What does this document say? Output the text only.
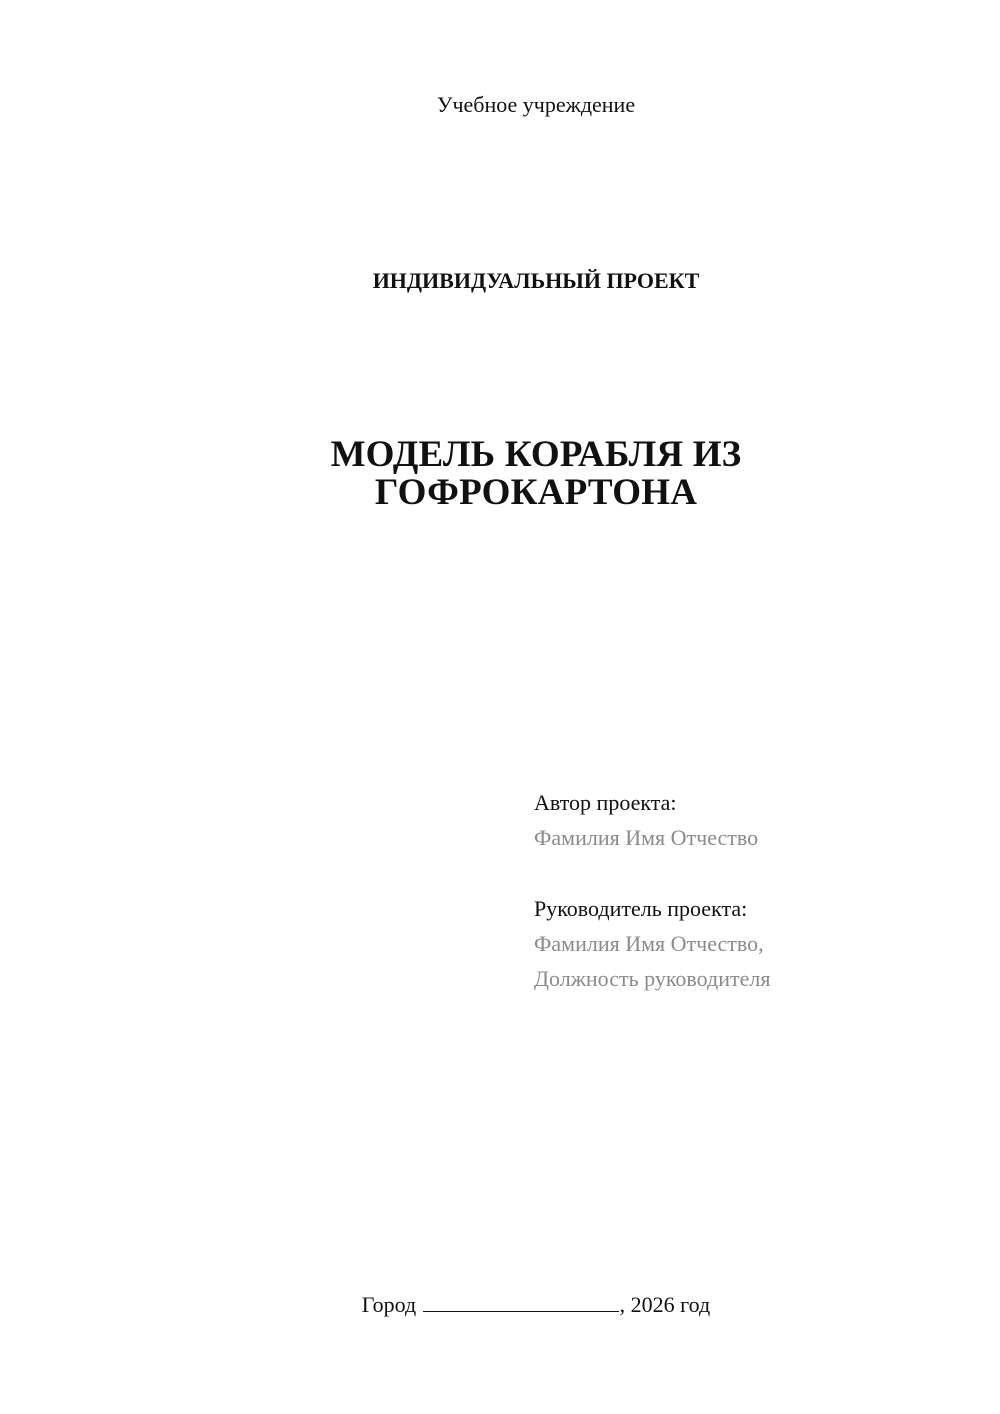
Учебное учреждение

ИНДИВИДУАЛЬНЫЙ ПРОЕКТ

МОДЕЛЬ КОРАБЛЯ ИЗ
ГОФРОКАРТОНА
Автор проекта:
Фамилия Имя Отчество
Руководитель проекта:
Фамилия Имя Отчество,
Должность руководителя

Город	, 2026 год
